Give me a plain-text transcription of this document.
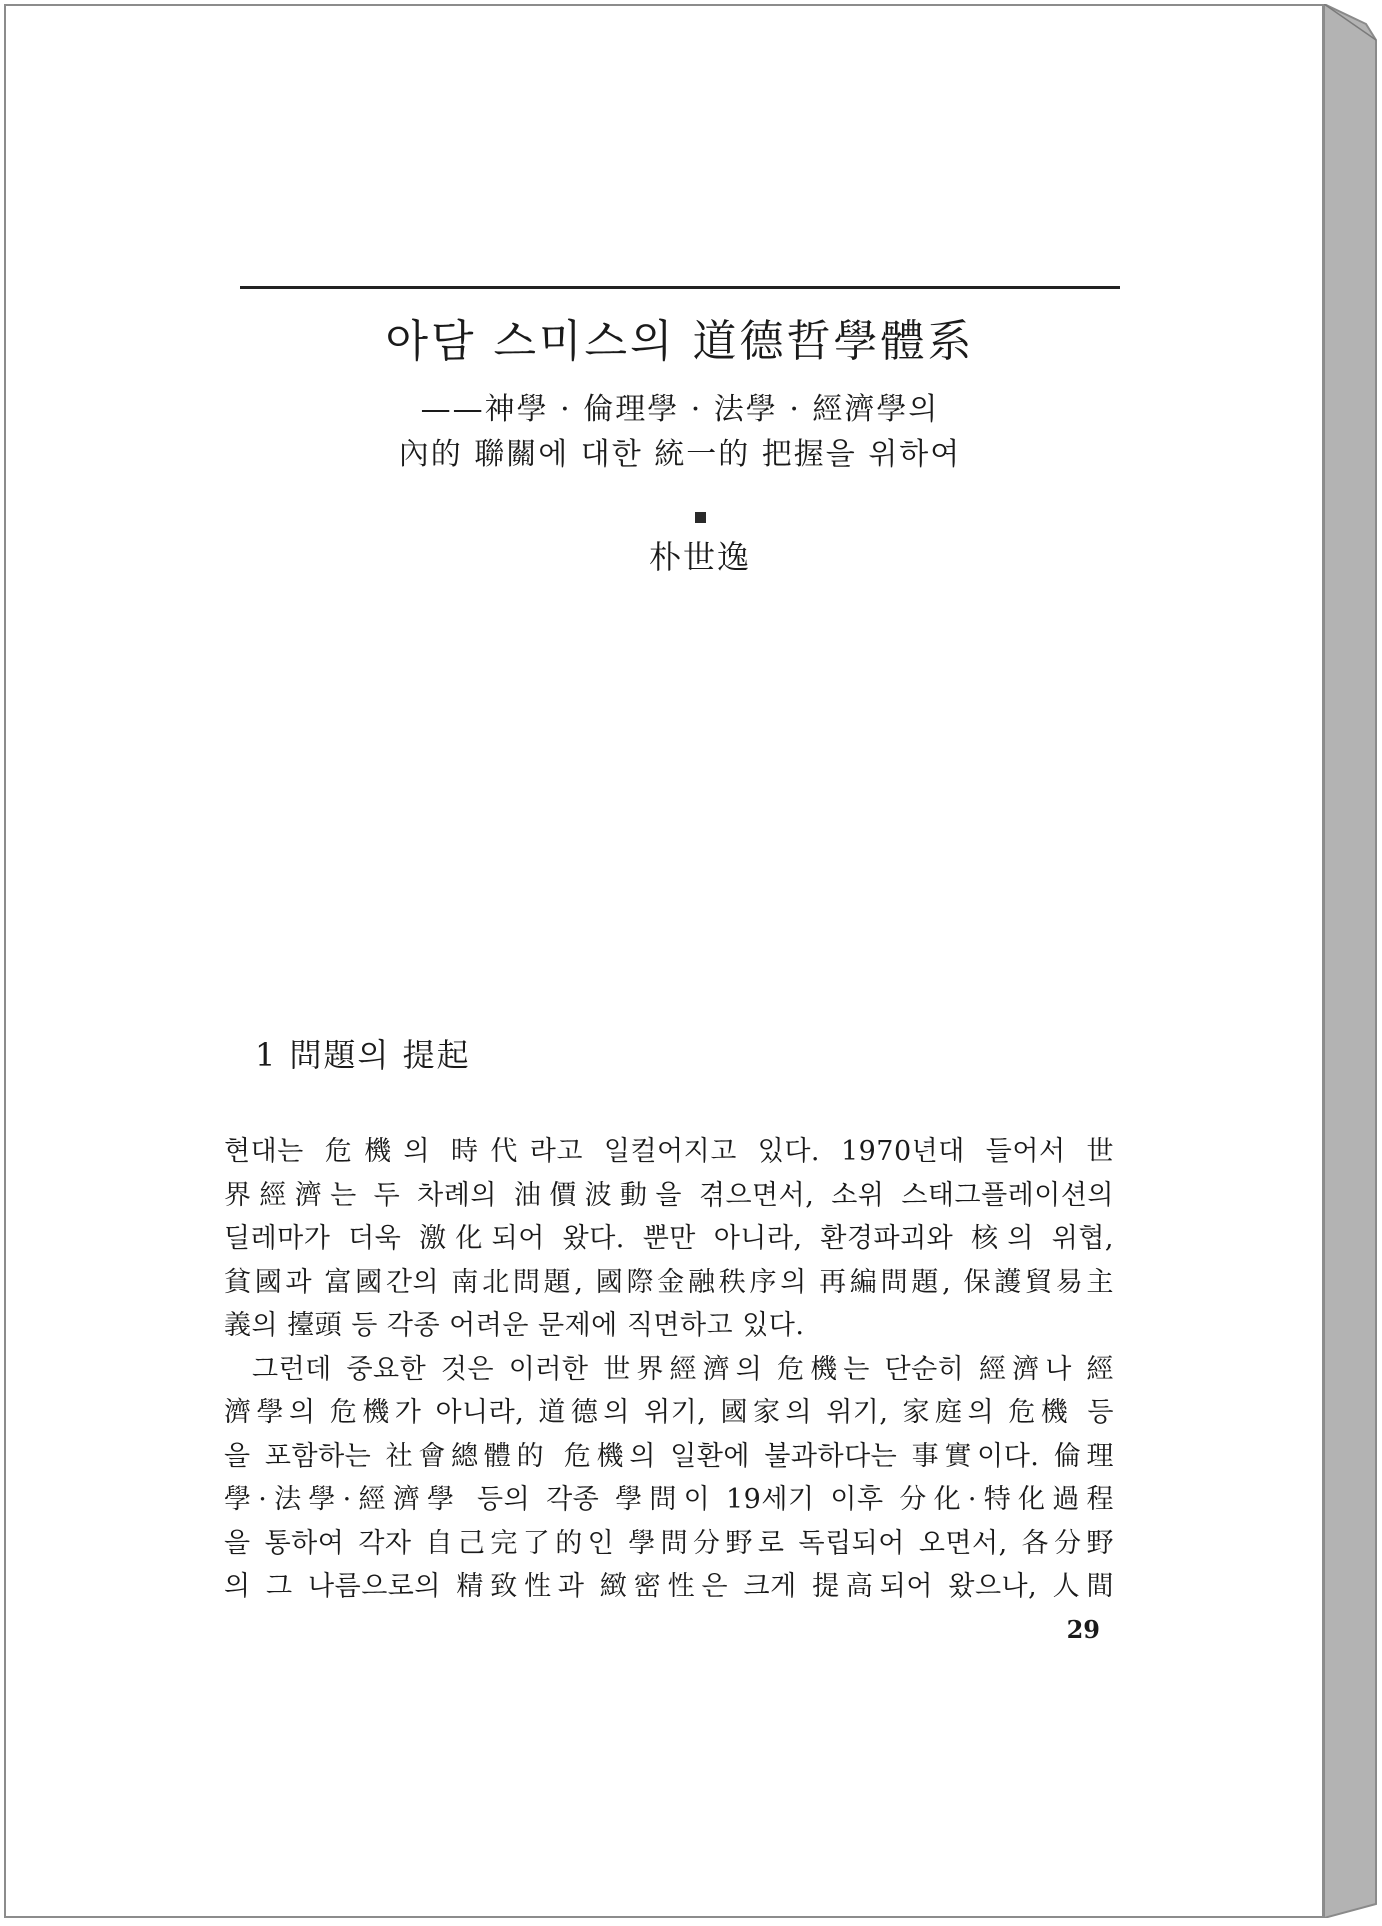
아담 스미스의 道德哲學體系
——神學 · 倫理學 · 法學 · 經濟學의
內的 聯關에 대한 統一的 把握을 위하여
朴世逸
1 問題의 提起
현대는 危機의 時代라고 일컬어지고 있다. 1970년대 들어서 世
界經濟는 두 차례의 油價波動을 겪으면서, 소위 스태그플레이션의
딜레마가 더욱 激化되어 왔다. 뿐만 아니라, 환경파괴와 核의 위협,
貧國과 富國간의 南北問題, 國際金融秩序의 再編問題, 保護貿易主
義의 擡頭 등 각종 어려운 문제에 직면하고 있다.
그런데 중요한 것은 이러한 世界經濟의 危機는 단순히 經濟나 經
濟學의 危機가 아니라, 道德의 위기, 國家의 위기, 家庭의 危機 등
을 포함하는 社會總體的 危機의 일환에 불과하다는 事實이다. 倫理
學·法學·經濟學 등의 각종 學問이 19세기 이후 分化·特化過程
을 통하여 각자 自己完了的인 學問分野로 독립되어 오면서, 各分野
의 그 나름으로의 精致性과 緻密性은 크게 提高되어 왔으나, 人間
29
